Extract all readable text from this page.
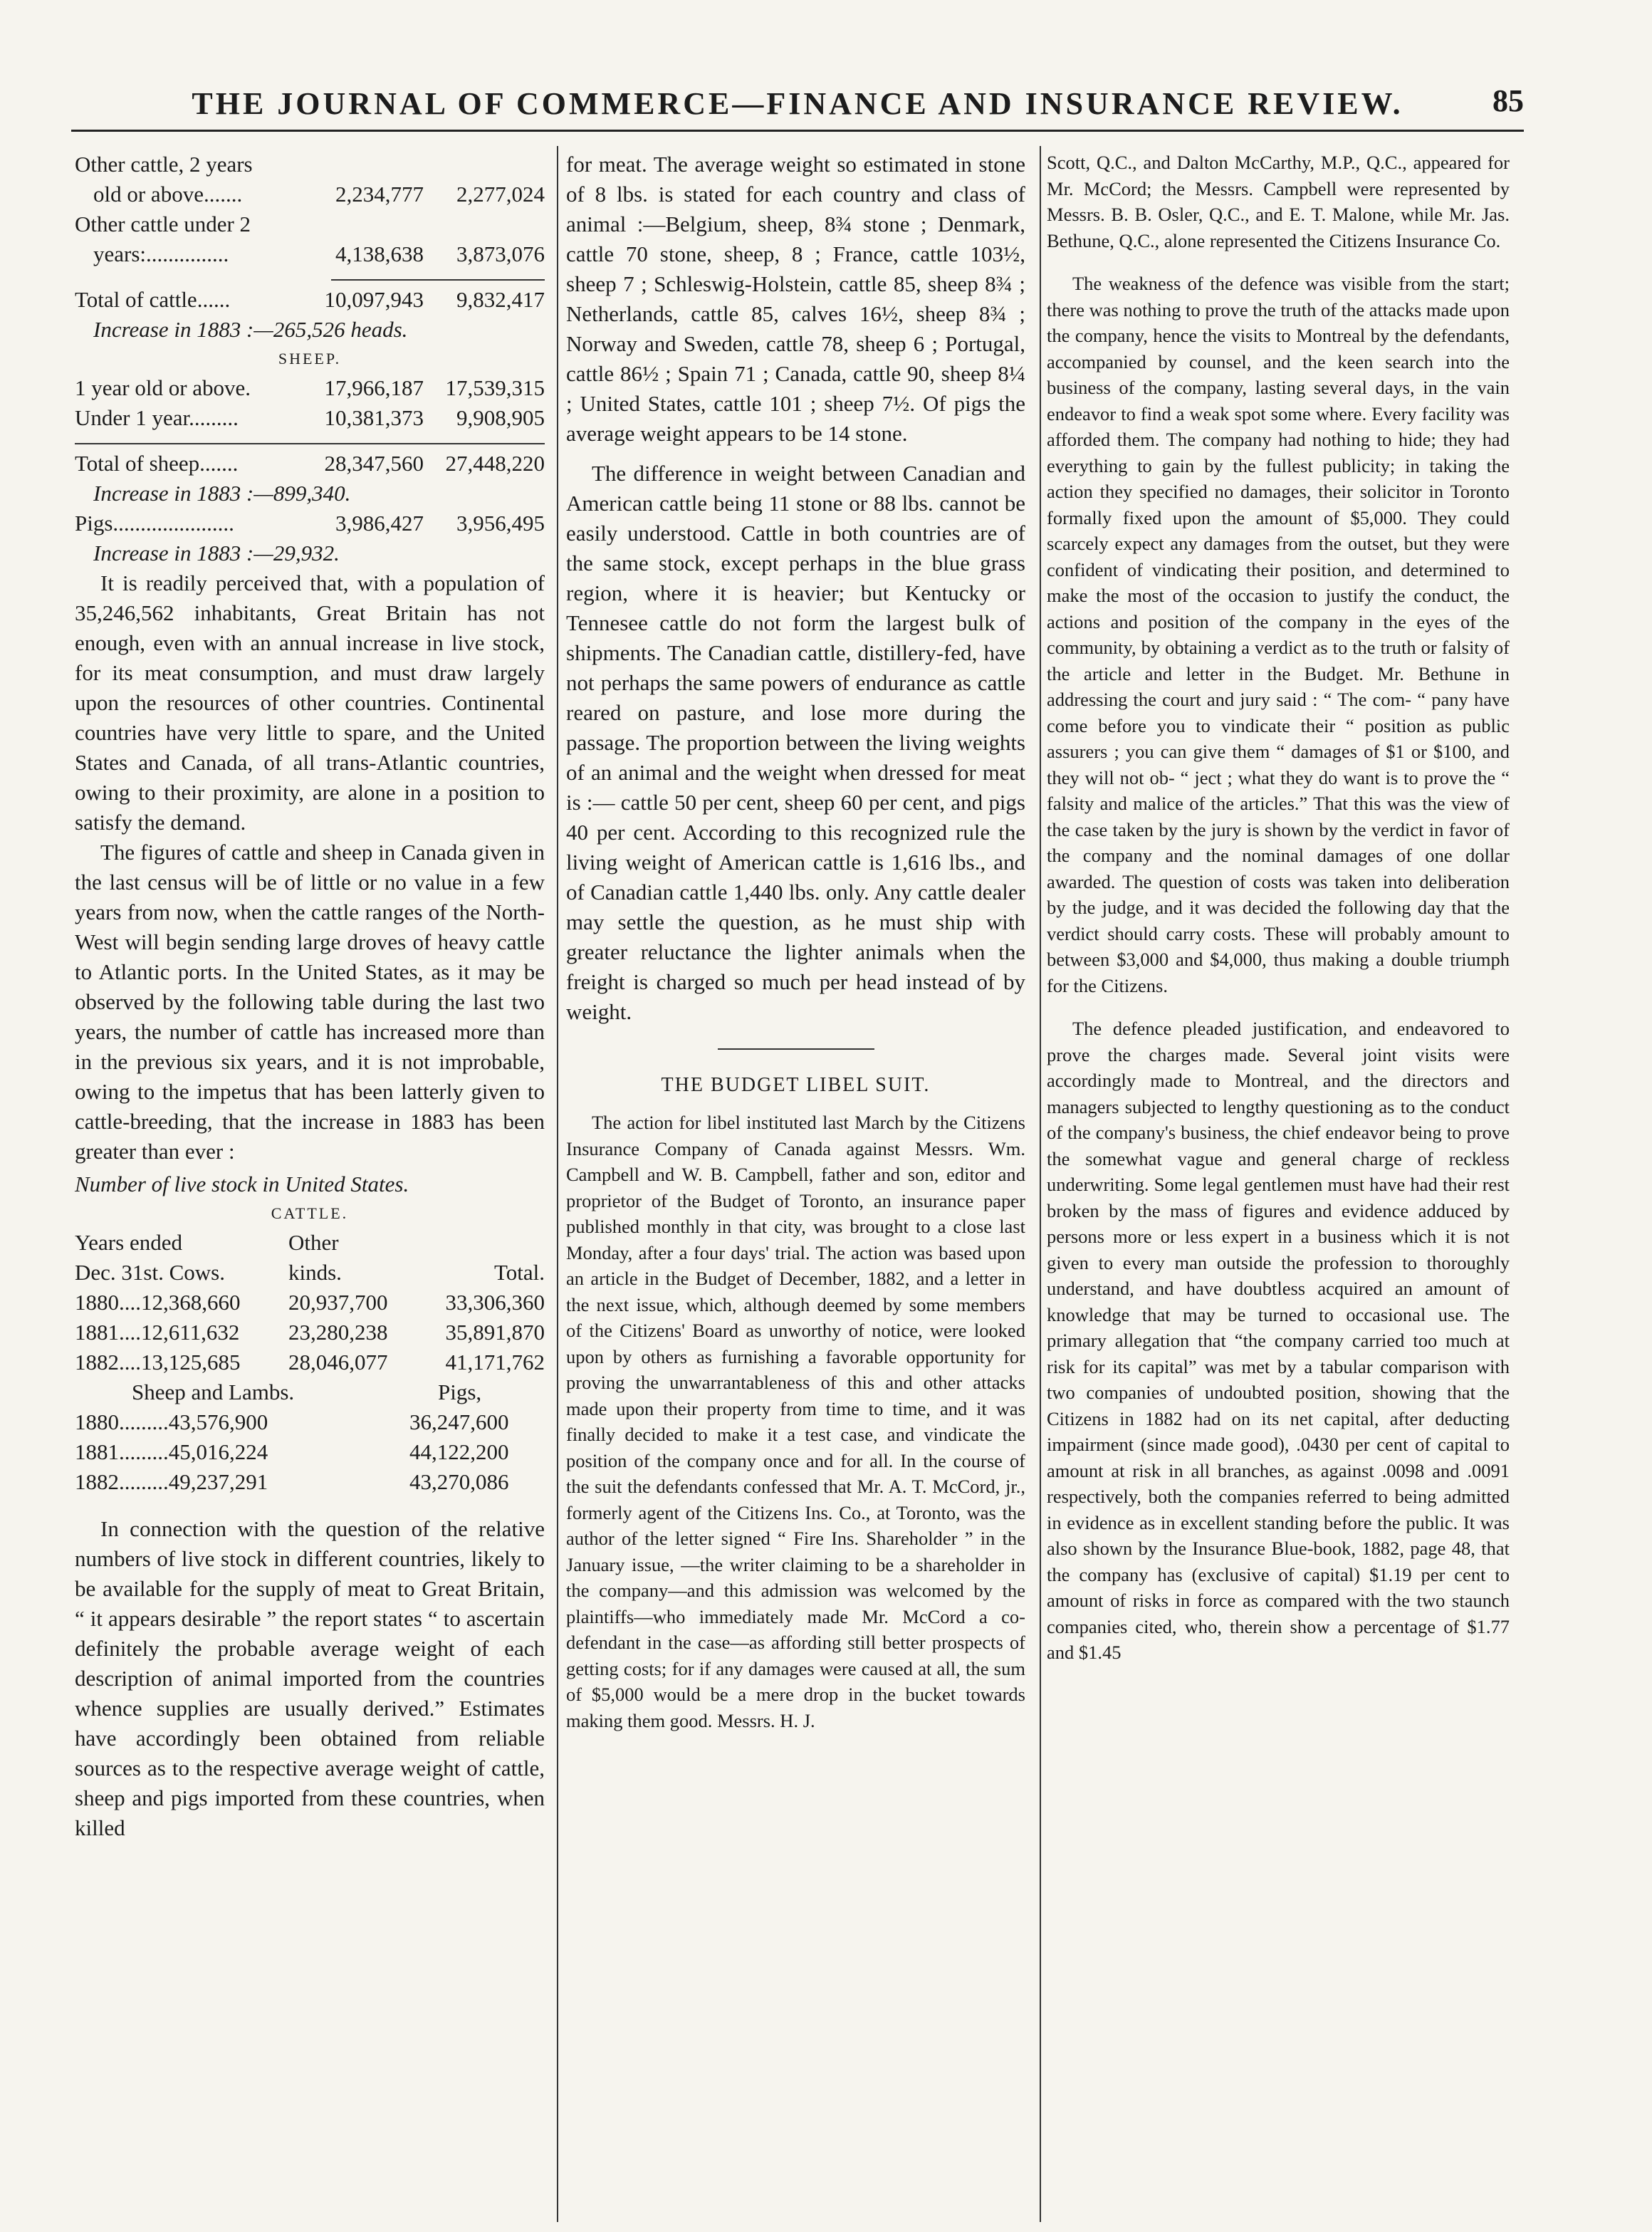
THE JOURNAL OF COMMERCE—FINANCE AND INSURANCE REVIEW.	85
Other cattle, 2 years
old or above.......	2,234,777	2,277,024
Other cattle under 2
years:...............	4,138,638	3,873,076
Total of cattle......	10,097,943	9,832,417
Increase in 1883 :—265,526 heads.
SHEEP.
1 year old or above.	17,966,187 17,539,315
Under 1 year.........	10,381,373	9,908,905
Total of sheep.......	28,347,560 27,448,220
Increase in 1883 :—899,340.
Pigs......................	3,986,427	3,956,495
Increase in 1883 :—29,932.

It is readily perceived that, with a population of 35,246,562 inhabitants, Great Britain has not enough, even with an annual increase in live stock, for its meat consumption, and must draw largely upon the resources of other countries. Continental countries have very little to spare, and the United States and Canada, of all trans-Atlantic countries, owing to their proximity, are alone in a position to satisfy the demand.

The figures of cattle and sheep in Canada given in the last census will be of little or no value in a few years from now, when the cattle ranges of the North-West will begin sending large droves of heavy cattle to Atlantic ports. In the United States, as it may be observed by the following table during the last two years, the number of cattle has increased more than in the previous six years, and it is not improbable, owing to the impetus that has been latterly given to cattle-breeding, that the increase in 1883 has been greater than ever :

Number of live stock in United States.

CATTLE.
Years ended	Other
Dec. 31st. Cows.	kinds.	Total.
1880....12,368,660	20,937,700	33,306,360
1881....12,611,632	23,280,238	35,891,870
1882....13,125,685	28,046,077	41,171,762
Sheep and Lambs.	Pigs,
1880.........43,576,900	36,247,600
1881.........45,016,224	44,122,200
1882.........49,237,291	43,270,086

In connection with the question of the relative numbers of live stock in different countries, likely to be available for the supply of meat to Great Britain, “ it appears desirable ” the report states “ to ascertain definitely the probable average weight of each description of animal imported from the countries whence supplies are usually derived.” Estimates have accordingly been obtained from reliable sources as to the respective average weight of cattle, sheep and pigs imported from these countries, when killed

for meat. The average weight so estimated in stone of 8 lbs. is stated for each country and class of animal :—Belgium, sheep, 8¾ stone ; Denmark, cattle 70 stone, sheep, 8 ; France, cattle 103½, sheep 7 ; Schleswig-Holstein, cattle 85, sheep 8¾ ; Netherlands, cattle 85, calves 16½, sheep 8¾ ; Norway and Sweden, cattle 78, sheep 6 ; Portugal, cattle 86½ ; Spain 71 ; Canada, cattle 90, sheep 8¼ ; United States, cattle 101 ; sheep 7½. Of pigs the average weight appears to be 14 stone.

The difference in weight between Canadian and American cattle being 11 stone or 88 lbs. cannot be easily understood. Cattle in both countries are of the same stock, except perhaps in the blue grass region, where it is heavier; but Kentucky or Tennesee cattle do not form the largest bulk of shipments. The Canadian cattle, distillery-fed, have not perhaps the same powers of endurance as cattle reared on pasture, and lose more during the passage. The proportion between the living weights of an animal and the weight when dressed for meat is :— cattle 50 per cent, sheep 60 per cent, and pigs 40 per cent. According to this recognized rule the living weight of American cattle is 1,616 lbs., and of Canadian cattle 1,440 lbs. only. Any cattle dealer may settle the question, as he must ship with greater reluctance the lighter animals when the freight is charged so much per head instead of by weight.

THE BUDGET LIBEL SUIT.

The action for libel instituted last March by the Citizens Insurance Company of Canada against Messrs. Wm. Campbell and W. B. Campbell, father and son, editor and proprietor of the Budget of Toronto, an insurance paper published monthly in that city, was brought to a close last Monday, after a four days' trial. The action was based upon an article in the Budget of December, 1882, and a letter in the next issue, which, although deemed by some members of the Citizens' Board as unworthy of notice, were looked upon by others as furnishing a favorable opportunity for proving the unwarrantableness of this and other attacks made upon their property from time to time, and it was finally decided to make it a test case, and vindicate the position of the company once and for all. In the course of the suit the defendants confessed that Mr. A. T. McCord, jr., formerly agent of the Citizens Ins. Co., at Toronto, was the author of the letter signed “ Fire Ins. Shareholder ” in the January issue, —the writer claiming to be a shareholder in the company—and this admission was welcomed by the plaintiffs—who immediately made Mr. McCord a co-defendant in the case—as affording still better prospects of getting costs; for if any damages were caused at all, the sum of $5,000 would be a mere drop in the bucket towards making them good. Messrs. H. J.

Scott, Q.C., and Dalton McCarthy, M.P., Q.C., appeared for Mr. McCord; the Messrs. Campbell were represented by Messrs. B. B. Osler, Q.C., and E. T. Malone, while Mr. Jas. Bethune, Q.C., alone represented the Citizens Insurance Co.

The weakness of the defence was visible from the start; there was nothing to prove the truth of the attacks made upon the company, hence the visits to Montreal by the defendants, accompanied by counsel, and the keen search into the business of the company, lasting several days, in the vain endeavor to find a weak spot some where. Every facility was afforded them. The company had nothing to hide; they had everything to gain by the fullest publicity; in taking the action they specified no damages, their solicitor in Toronto formally fixed upon the amount of $5,000. They could scarcely expect any damages from the outset, but they were confident of vindicating their position, and determined to make the most of the occasion to justify the conduct, the actions and position of the company in the eyes of the community, by obtaining a verdict as to the truth or falsity of the article and letter in the Budget. Mr. Bethune in addressing the court and jury said : “ The com- “ pany have come before you to vindicate their “ position as public assurers ; you can give them “ damages of $1 or $100, and they will not ob- “ ject ; what they do want is to prove the “ falsity and malice of the articles.” That this was the view of the case taken by the jury is shown by the verdict in favor of the company and the nominal damages of one dollar awarded. The question of costs was taken into deliberation by the judge, and it was decided the following day that the verdict should carry costs. These will probably amount to between $3,000 and $4,000, thus making a double triumph for the Citizens.

The defence pleaded justification, and endeavored to prove the charges made. Several joint visits were accordingly made to Montreal, and the directors and managers subjected to lengthy questioning as to the conduct of the company's business, the chief endeavor being to prove the somewhat vague and general charge of reckless underwriting. Some legal gentlemen must have had their rest broken by the mass of figures and evidence adduced by persons more or less expert in a business which it is not given to every man outside the profession to thoroughly understand, and have doubtless acquired an amount of knowledge that may be turned to occasional use. The primary allegation that “the company carried too much at risk for its capital” was met by a tabular comparison with two companies of undoubted position, showing that the Citizens in 1882 had on its net capital, after deducting impairment (since made good), .0430 per cent of capital to amount at risk in all branches, as against .0098 and .0091 respectively, both the companies referred to being admitted in evidence as in excellent standing before the public. It was also shown by the Insurance Blue-book, 1882, page 48, that the company has (exclusive of capital) $1.19 per cent to amount of risks in force as compared with the two staunch companies cited, who, therein show a percentage of $1.77 and $1.45
